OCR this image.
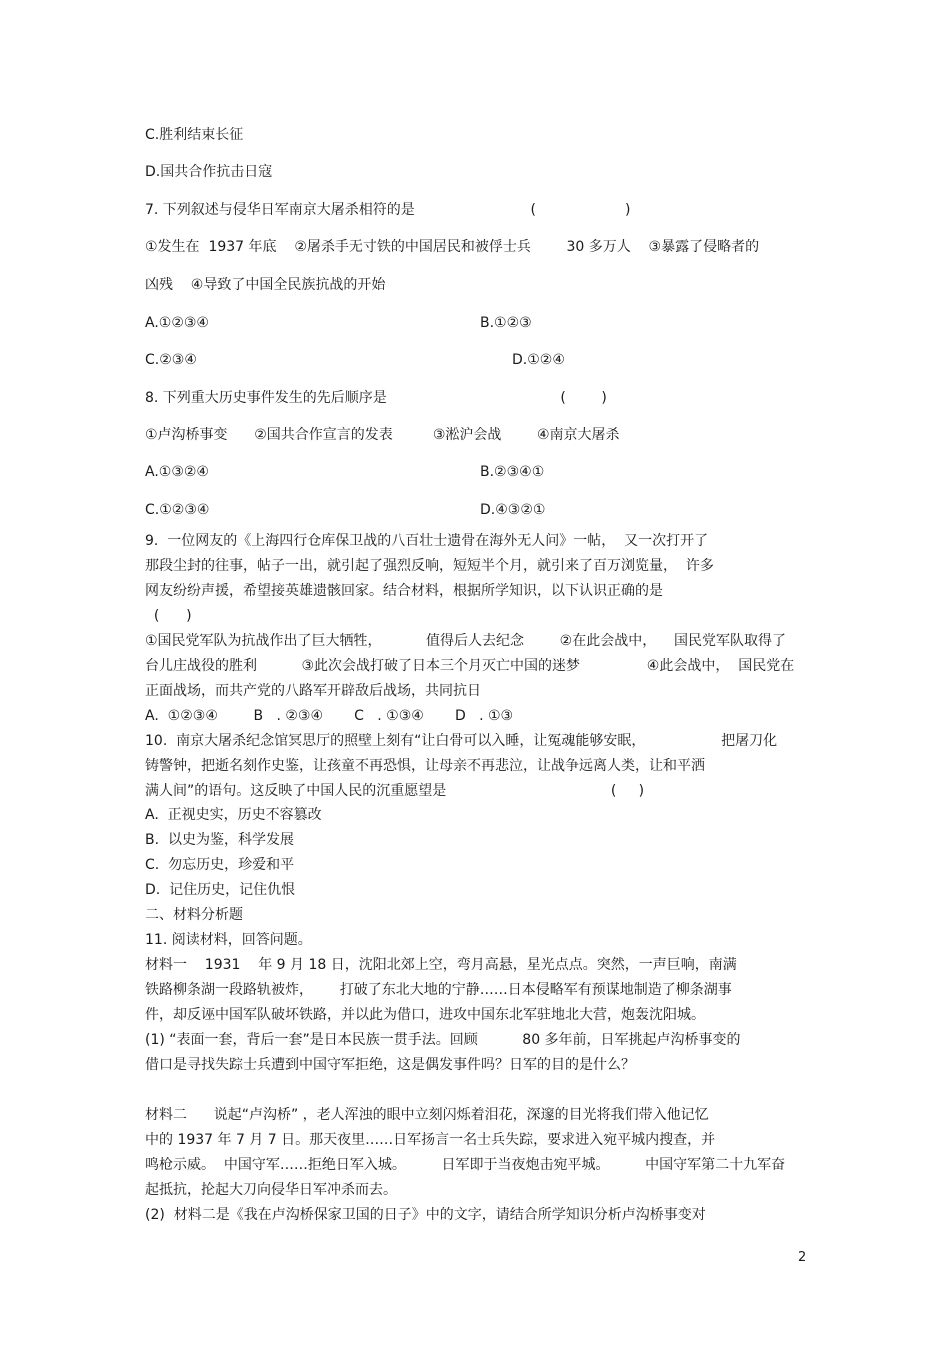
C.胜利结束长征
D.国共合作抗击日寇
7. 下列叙述与侵华日军南京大屠杀相符的是                          (                    )
①发生在  1937 年底    ②屠杀手无寸铁的中国居民和被俘士兵        30 多万人    ③暴露了侵略者的
凶残    ④导致了中国全民族抗战的开始
A.①②③④	B.①②③
C.②③④	D.①②④
8. 下列重大历史事件发生的先后顺序是                                       (        )
①卢沟桥事变      ②国共合作宣言的发表         ③淞沪会战        ④南京大屠杀
A.①③②④	B.②③④①
C.①②③④	D.④③②①
9.  一位网友的《上海四行仓库保卫战的八百壮士遗骨在海外无人问》一帖，  又一次打开了
那段尘封的往事，帖子一出，就引起了强烈反响，短短半个月，就引来了百万浏览量，  许多
网友纷纷声援，希望接英雄遗骸回家。结合材料，根据所学知识，以下认识正确的是
(      )
①国民党军队为抗战作出了巨大牺牲，          值得后人去纪念        ②在此会战中，    国民党军队取得了
台儿庄战役的胜利          ③此次会战打破了日本三个月灭亡中国的迷梦               ④此会战中，  国民党在
正面战场，而共产党的八路军开辟敌后战场，共同抗日
A.  ①②③④        B   . ②③④       C   . ①③④       D   . ①③
10.  南京大屠杀纪念馆冥思厅的照壁上刻有“让白骨可以入睡，让冤魂能够安眠，                 把屠刀化
铸警钟，把逝名刻作史鉴，让孩童不再恐惧，让母亲不再悲泣，让战争远离人类，让和平洒
满人间”的语句。这反映了中国人民的沉重愿望是                                     (     )
A.  正视史实，历史不容篡改
B.  以史为鉴，科学发展
C.  勿忘历史，珍爱和平
D.  记住历史，记住仇恨
二、材料分析题
11. 阅读材料，回答问题。
材料一    1931    年 9 月 18 日，沈阳北郊上空，弯月高悬，星光点点。突然，一声巨响，南满
铁路柳条湖一段路轨被炸，      打破了东北大地的宁静……日本侵略军有预谋地制造了柳条湖事
件，却反诬中国军队破坏铁路，并以此为借口，进攻中国东北军驻地北大营，炮轰沈阳城。
(1) “表面一套，背后一套”是日本民族一贯手法。回顾          80 多年前，日军挑起卢沟桥事变的
借口是寻找失踪士兵遭到中国守军拒绝，这是偶发事件吗？日军的目的是什么？
材料二      说起“卢沟桥” ，老人浑浊的眼中立刻闪烁着泪花，深邃的目光将我们带入他记忆
中的 1937 年 7 月 7 日。那天夜里……日军扬言一名士兵失踪，要求进入宛平城内搜查，并
鸣枪示威。  中国守军……拒绝日军入城。        日军即于当夜炮击宛平城。        中国守军第二十九军奋
起抵抗，抡起大刀向侵华日军冲杀而去。
(2)  材料二是《我在卢沟桥保家卫国的日子》中的文字，请结合所学知识分析卢沟桥事变对
2
